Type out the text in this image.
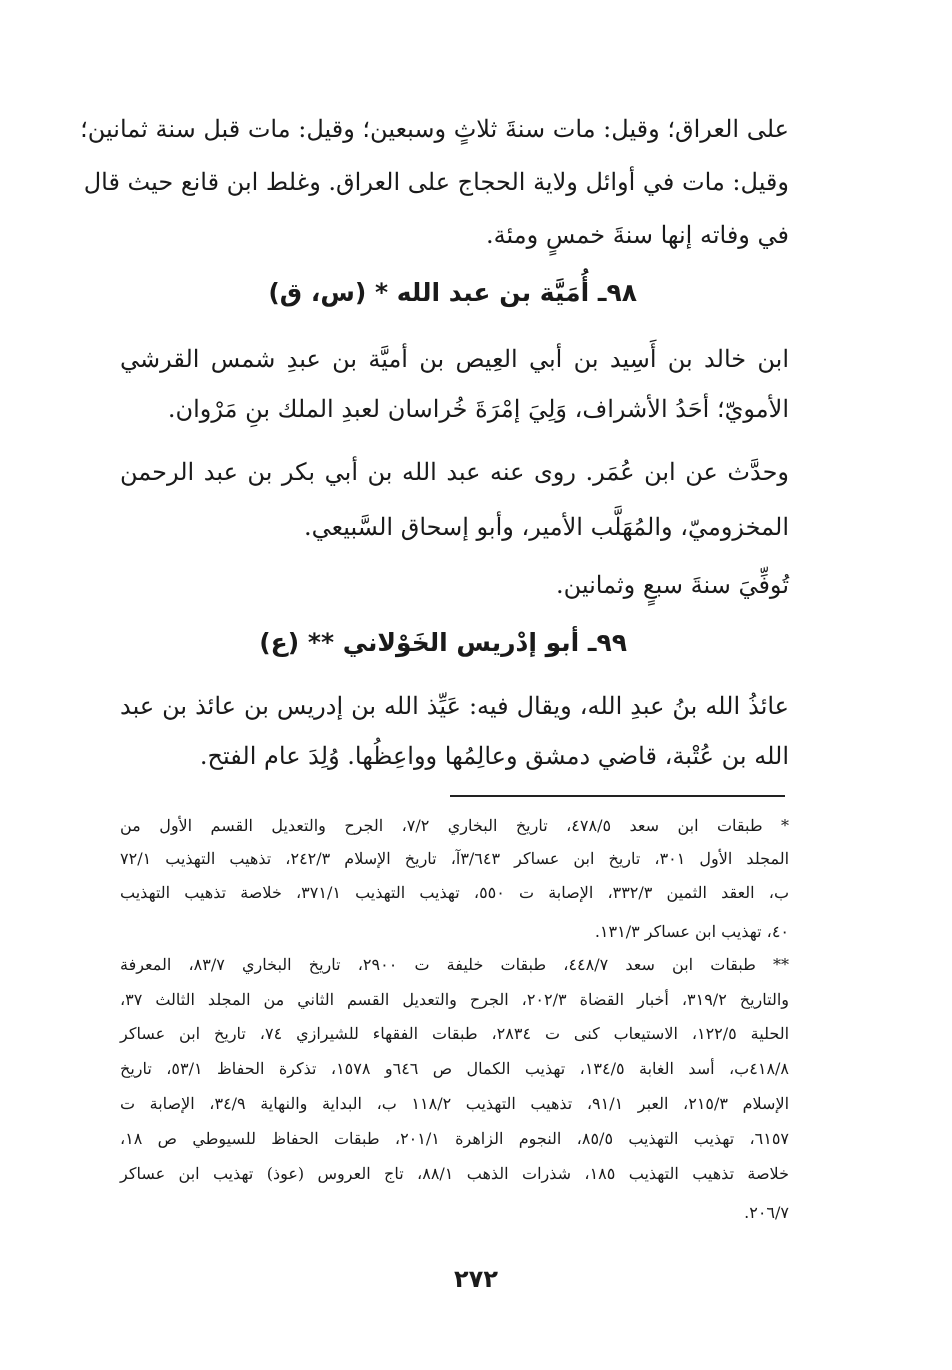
على العراق؛ وقيل: مات سنةَ ثلاثٍ وسبعين؛ وقيل: مات قبل سنة ثمانين؛
وقيل: مات في أوائل ولاية الحجاج على العراق. وغلط ابن قانع حيث قال
في وفاته إنها سنةَ خمسٍ ومئة.
٩٨ـ أُمَيَّة بن عبد الله * (س، ق)
ابن خالد بن أَسِيد بن أبي العِيص بن أميَّة بن عبدِ شمس القرشي
الأمويّ؛ أحَدُ الأشراف، وَلِيَ إمْرَةَ خُراسان لعبدِ الملك بنِ مَرْوان.
وحدَّث عن ابن عُمَر. روى عنه عبد الله بن أبي بكر بن عبد الرحمن
المخزوميّ، والمُهَلَّب الأمير، وأبو إسحاق السَّبيعي.
تُوفِّيَ سنةَ سبعٍ وثمانين.
٩٩ـ أبو إدْريس الخَوْلاني ** (ع)
عائذُ الله بنُ عبدِ الله، ويقال فيه: عَيِّذ الله بن إدريس بن عائذ بن عبد
الله بن عُتْبة، قاضي دمشق وعالِمُها وواعِظُها. وُلِدَ عام الفتح.
* طبقات ابن سعد ٤٧٨/٥، تاريخ البخاري ٧/٢، الجرح والتعديل القسم الأول من
المجلد الأول ٣٠١، تاريخ ابن عساكر ٣/٦٤٣آ، تاريخ الإسلام ٢٤٢/٣، تذهيب التهذيب ٧٢/١
ب، العقد الثمين ٣٣٢/٣، الإصابة ت ٥٥٠، تهذيب التهذيب ٣٧١/١، خلاصة تذهيب التهذيب
٤٠، تهذيب ابن عساكر ١٣١/٣.
** طبقات ابن سعد ٤٤٨/٧، طبقات خليفة ت ٢٩٠٠، تاريخ البخاري ٨٣/٧، المعرفة
والتاريخ ٣١٩/٢، أخبار القضاة ٢٠٢/٣، الجرح والتعديل القسم الثاني من المجلد الثالث ٣٧،
الحلية ١٢٢/٥، الاستيعاب كنى ت ٢٨٣٤، طبقات الفقهاء للشيرازي ٧٤، تاريخ ابن عساكر
٤١٨/٨ب، أسد الغابة ١٣٤/٥، تهذيب الكمال ص ٦٤٦و ١٥٧٨، تذكرة الحفاظ ٥٣/١، تاريخ
الإسلام ٢١٥/٣، العبر ٩١/١، تذهيب التهذيب ١١٨/٢ ب، البداية والنهاية ٣٤/٩، الإصابة ت
٦١٥٧، تهذيب التهذيب ٨٥/٥، النجوم الزاهرة ٢٠١/١، طبقات الحفاظ للسيوطي ص ١٨،
خلاصة تذهيب التهذيب ١٨٥، شذرات الذهب ٨٨/١، تاج العروس (عوذ) تهذيب ابن عساكر
٢٠٦/٧.
٢٧٢
